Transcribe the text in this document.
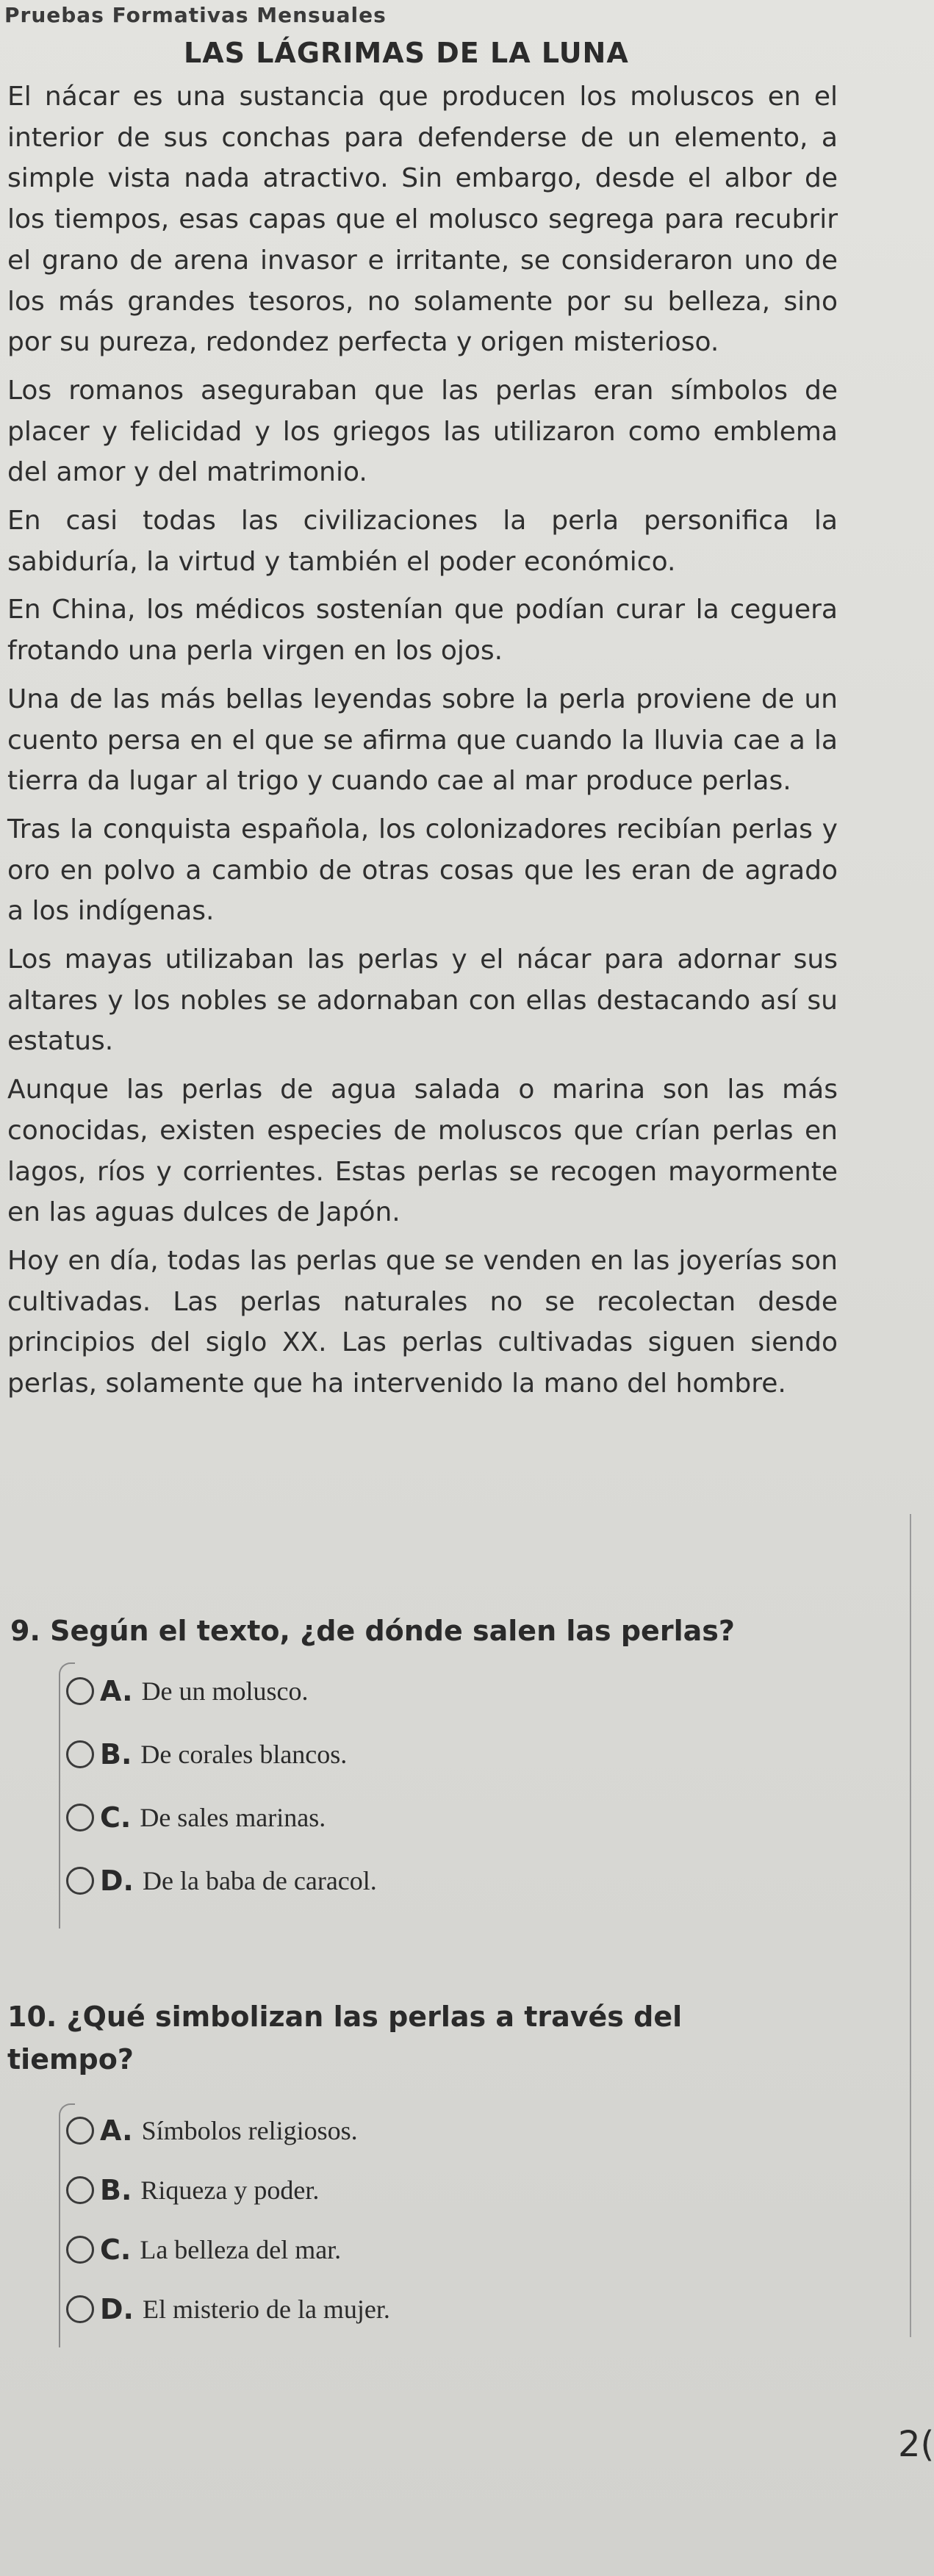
Pruebas Formativas Mensuales
LAS LÁGRIMAS DE LA LUNA

El nácar es una sustancia que producen los moluscos en el interior de sus conchas para defenderse de un elemento, a simple vista nada atractivo. Sin embargo, desde el albor de los tiempos, esas capas que el molusco segrega para recubrir el grano de arena invasor e irritante, se consideraron uno de los más grandes tesoros, no solamente por su belleza, sino por su pureza, redondez perfecta y origen misterioso.

Los romanos aseguraban que las perlas eran símbolos de placer y felicidad y los griegos las utilizaron como emblema del amor y del matrimonio.

En casi todas las civilizaciones la perla personifica la sabiduría, la virtud y también el poder económico.

En China, los médicos sostenían que podían curar la ceguera frotando una perla virgen en los ojos.

Una de las más bellas leyendas sobre la perla proviene de un cuento persa en el que se afirma que cuando la lluvia cae a la tierra da lugar al trigo y cuando cae al mar produce perlas.

Tras la conquista española, los colonizadores recibían perlas y oro en polvo a cambio de otras cosas que les eran de agrado a los indígenas.

Los mayas utilizaban las perlas y el nácar para adornar sus altares y los nobles se adornaban con ellas destacando así su estatus.

Aunque las perlas de agua salada o marina son las más conocidas, existen especies de moluscos que crían perlas en lagos, ríos y corrientes. Estas perlas se recogen mayormente en las aguas dulces de Japón.

Hoy en día, todas las perlas que se venden en las joyerías son cultivadas. Las perlas naturales no se recolectan desde principios del siglo XX. Las perlas cultivadas siguen siendo perlas, solamente que ha intervenido la mano del hombre.

9. Según el texto, ¿de dónde salen las perlas?
A. De un molusco.
B. De corales blancos.
C. De sales marinas.
D. De la baba de caracol.
10. ¿Qué simbolizan las perlas a través del tiempo?
A. Símbolos religiosos.
B. Riqueza y poder.
C. La belleza del mar.
D. El misterio de la mujer.
2(
